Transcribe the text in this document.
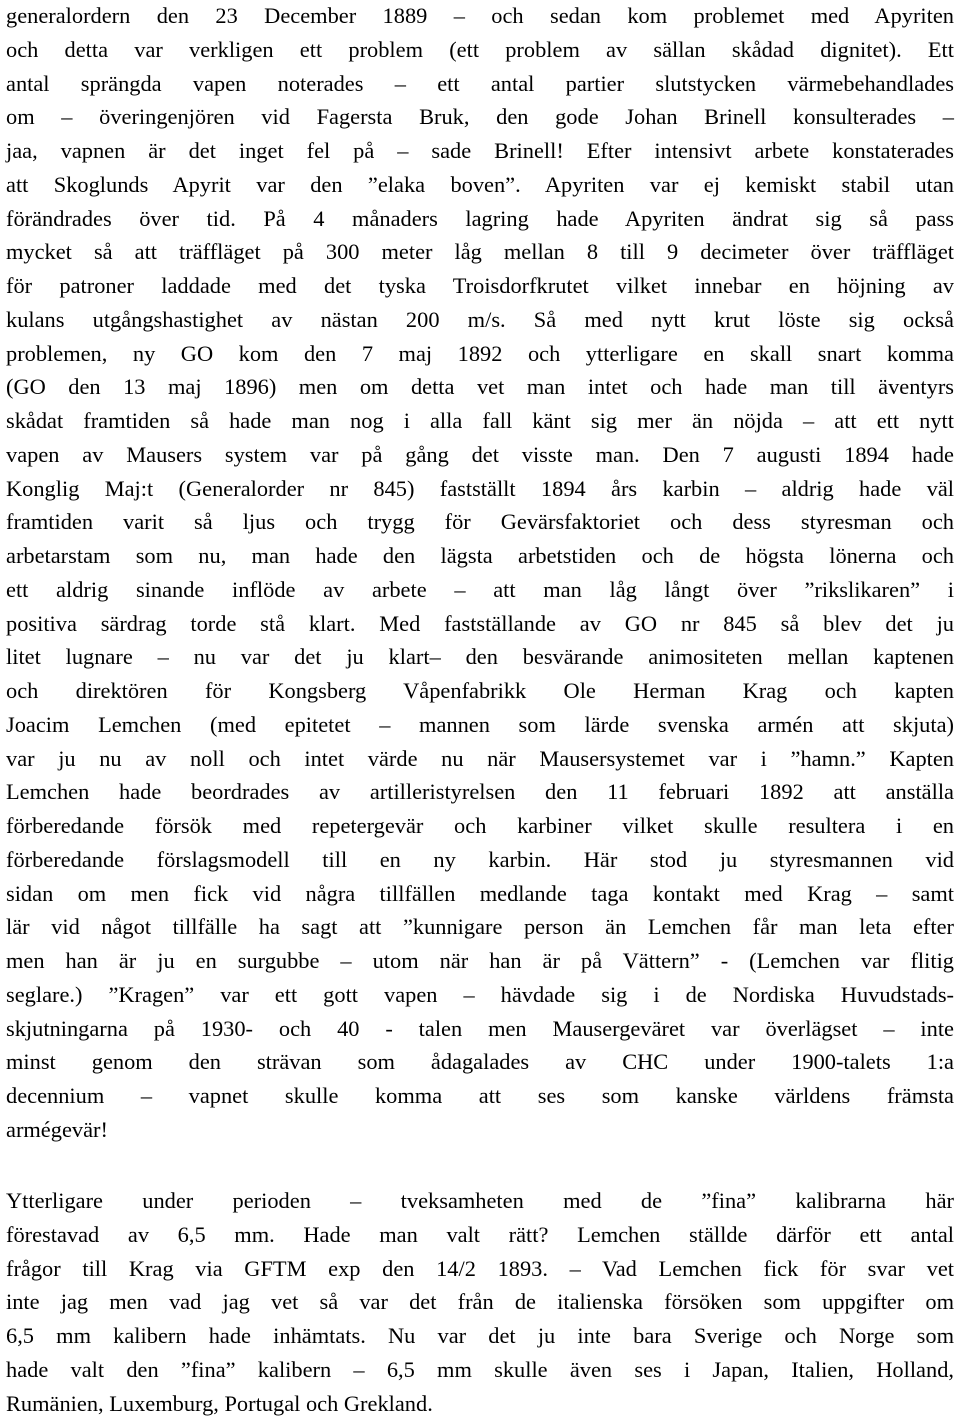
generalordern den 23 December 1889 – och sedan kom problemet med Apyriten
och detta var verkligen ett problem (ett problem av sällan skådad dignitet). Ett
antal sprängda vapen noterades – ett antal partier slutstycken värmebehandlades
om – överingenjören vid Fagersta Bruk, den gode Johan Brinell konsulterades –
jaa, vapnen är det inget fel på – sade Brinell! Efter intensivt arbete konstaterades
att Skoglunds Apyrit var den ”elaka boven”. Apyriten var ej kemiskt stabil utan
förändrades över tid. På 4 månaders lagring hade Apyriten ändrat sig så pass
mycket så att träffläget på 300 meter låg mellan 8 till 9 decimeter över träffläget
för patroner laddade med det tyska Troisdorfkrutet vilket innebar en höjning av
kulans utgångshastighet av nästan 200 m/s. Så med nytt krut löste sig också
problemen, ny GO kom den 7 maj 1892 och ytterligare en skall snart komma
(GO den 13 maj 1896) men om detta vet man intet och hade man till äventyrs
skådat framtiden så hade man nog i alla fall känt sig mer än nöjda – att ett nytt
vapen av Mausers system var på gång det visste man. Den 7 augusti 1894 hade
Konglig Maj:t (Generalorder nr 845) fastställt 1894 års karbin – aldrig hade väl
framtiden varit så ljus och trygg för Gevärsfaktoriet och dess styresman och
arbetarstam som nu, man hade den lägsta arbetstiden och de högsta lönerna och
ett aldrig sinande inflöde av arbete – att man låg långt över ”rikslikaren” i
positiva särdrag torde stå klart. Med fastställande av GO nr 845 så blev det ju
litet lugnare – nu var det ju klart– den besvärande animositeten mellan kaptenen
och direktören för Kongsberg Våpenfabrikk Ole Herman Krag och kapten
Joacim Lemchen (med epitetet – mannen som lärde svenska armén att skjuta)
var ju nu av noll och intet värde nu när Mausersystemet var i ”hamn.” Kapten
Lemchen hade beordrades av artilleristyrelsen den 11 februari 1892 att anställa
förberedande försök med repetergevär och karbiner vilket skulle resultera i en
förberedande förslagsmodell till en ny karbin. Här stod ju styresmannen vid
sidan om men fick vid några tillfällen medlande taga kontakt med Krag – samt
lär vid något tillfälle ha sagt att ”kunnigare person än Lemchen får man leta efter
men han är ju en surgubbe – utom när han är på Vättern” - (Lemchen var flitig
seglare.) ”Kragen” var ett gott vapen – hävdade sig i de Nordiska Huvudstads-
skjutningarna på 1930- och 40 - talen men Mausergeväret var överlägset – inte
minst genom den strävan som ådagalades av CHC under 1900-talets 1:a
decennium – vapnet skulle komma att ses som kanske världens främsta
armégevär!
Ytterligare under perioden – tveksamheten med de ”fina” kalibrarna här
förestavad av 6,5 mm. Hade man valt rätt? Lemchen ställde därför ett antal
frågor till Krag via GFTM exp den 14/2 1893. – Vad Lemchen fick för svar vet
inte jag men vad jag vet så var det från de italienska försöken som uppgifter om
6,5 mm kalibern hade inhämtats. Nu var det ju inte bara Sverige och Norge som
hade valt den ”fina” kalibern – 6,5 mm skulle även ses i Japan, Italien, Holland,
Rumänien, Luxemburg, Portugal och Grekland.
